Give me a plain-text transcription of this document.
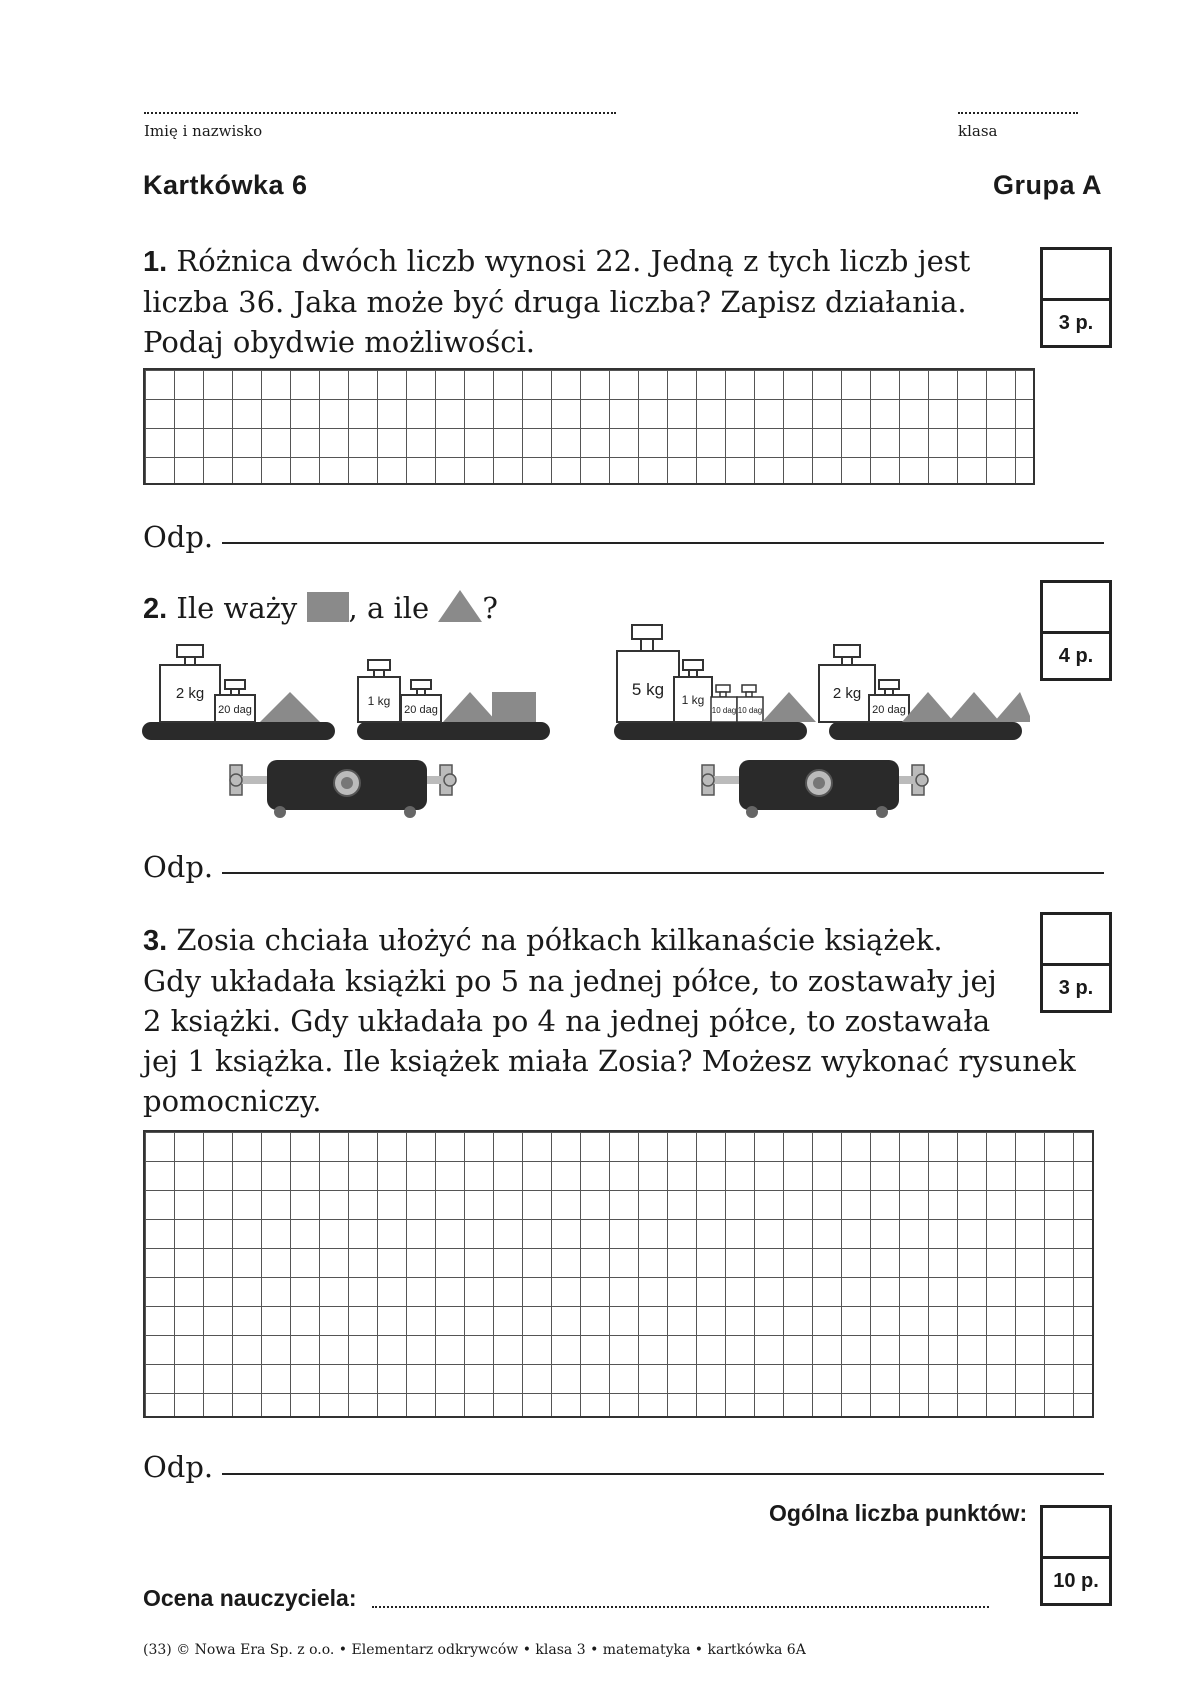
Imię i nazwisko	klasa
Kartkówka 6	Grupa A
1. Różnica dwóch liczb wynosi 22. Jedną z tych liczb jest
liczba 36. Jaka może być druga liczba? Zapisz działania.
Podaj obydwie możliwości.
3 p.
Odp.
2. Ile waży , a ile ?
4 p.
2 kg
20 dag
1 kg
20 dag
5 kg
1 kg
10 dag 10 dag
2 kg
20 dag
Odp.
3. Zosia chciała ułożyć na półkach kilkanaście książek.
Gdy układała książki po 5 na jednej półce, to zostawały jej
2 książki. Gdy układała po 4 na jednej półce, to zostawała
jej 1 książka. Ile książek miała Zosia? Możesz wykonać rysunek
pomocniczy.
3 p.
Odp.
Ogólna liczba punktów:
10 p.
Ocena nauczyciela:
(33) © Nowa Era Sp. z o.o. • Elementarz odkrywców • klasa 3 • matematyka • kartkówka 6A
